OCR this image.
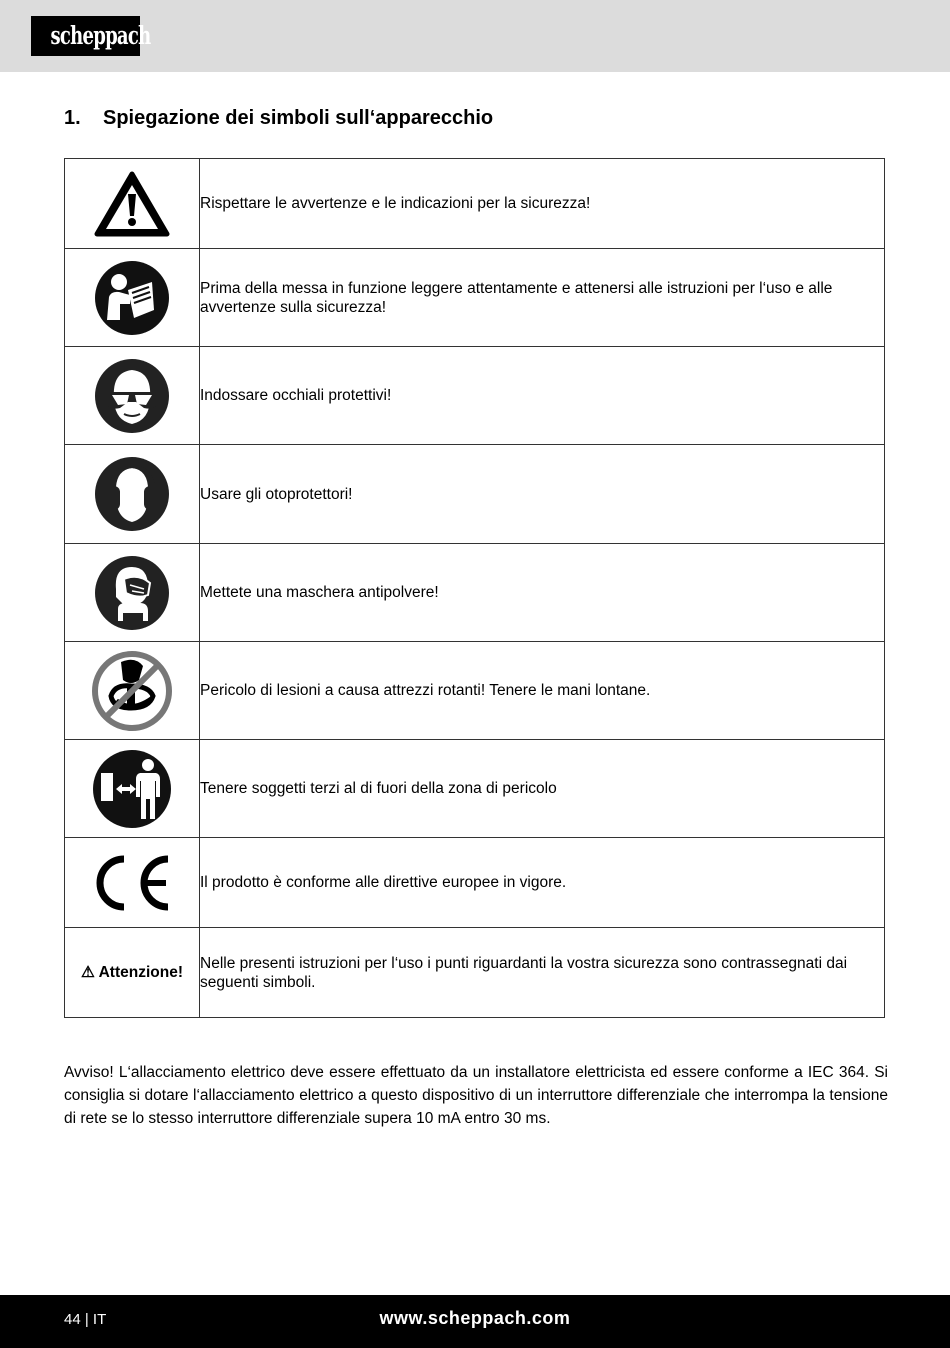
scheppach
1. Spiegazione dei simboli sull‘apparecchio
	Rispettare le avvertenze e le indicazioni per la sicurezza!

	Prima della messa in funzione leggere attentamente e attenersi alle istruzioni per l‘uso e alle avvertenze sulla sicurezza!

	Indossare occhiali protettivi!

	Usare gli otoprotettori!

	Mettete una maschera antipolvere!

	Pericolo di lesioni a causa attrezzi rotanti! Tenere le mani lontane.

	Tenere soggetti terzi al di fuori della zona di pericolo

	Il prodotto è conforme alle direttive europee in vigore.
⚠ Attenzione!	Nelle presenti istruzioni per l‘uso i punti riguardanti la vostra sicurezza sono contrassegnati dai seguenti simboli.
Avviso! L‘allacciamento elettrico deve essere effettuato da un installatore elettricista ed essere conforme a IEC 364. Si consiglia si dotare l‘allacciamento elettrico a questo dispositivo di un interruttore differenziale che interrompa la tensione di rete se lo stesso interruttore differenziale supera 10 mA entro 30 ms.
44 | IT	www.scheppach.com
